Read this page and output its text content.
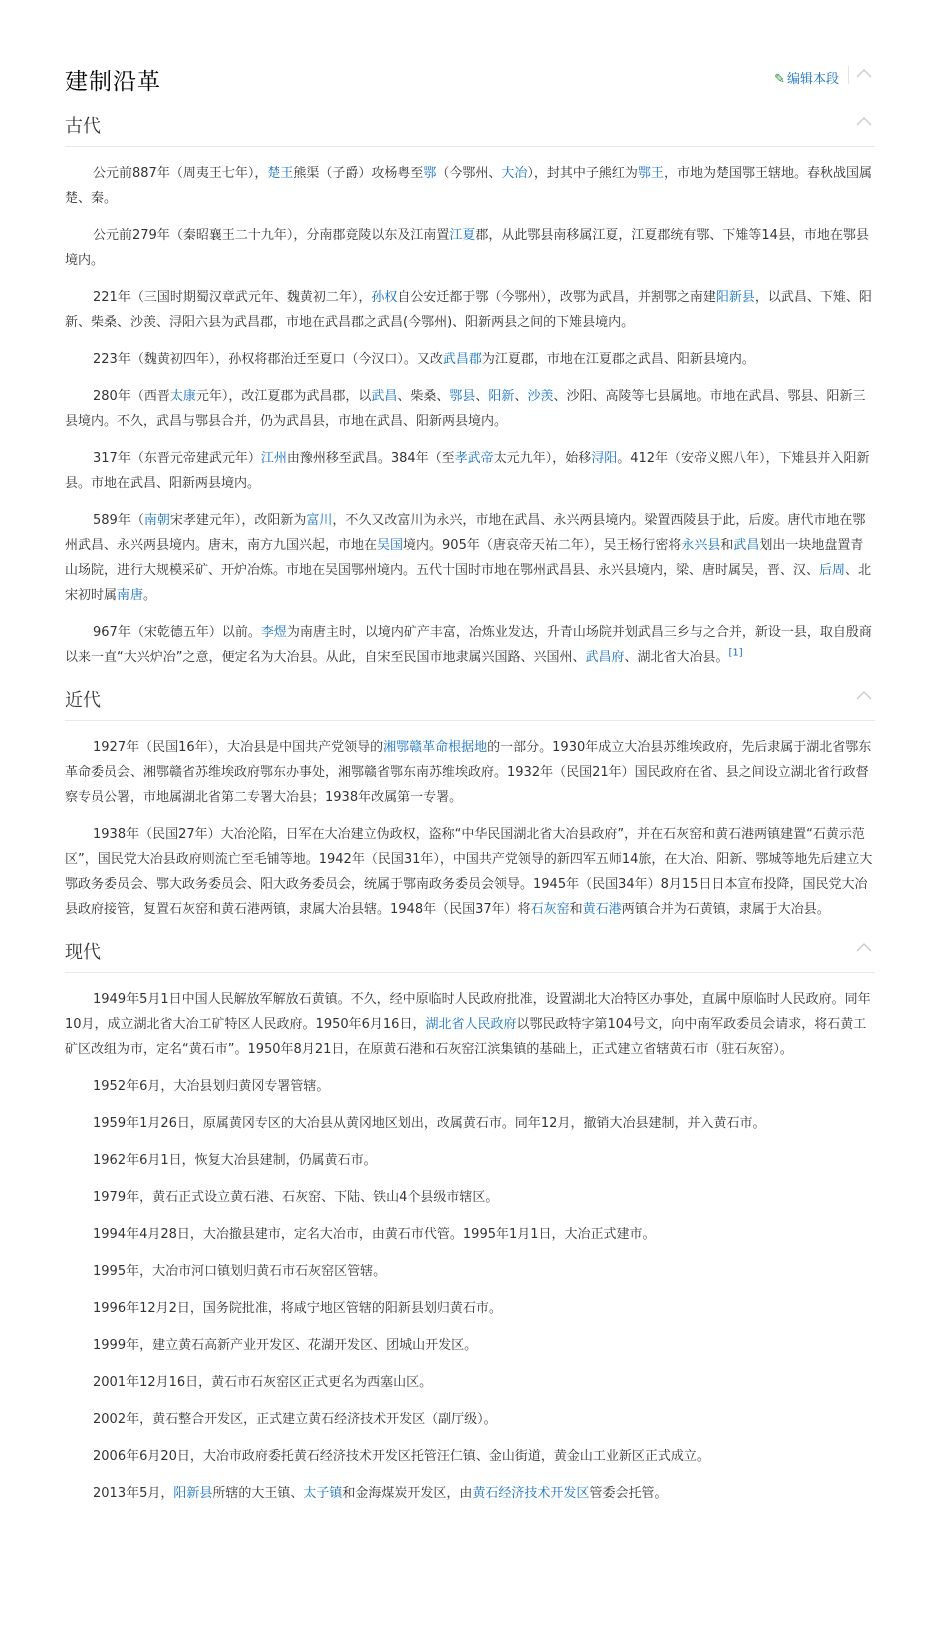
建制沿革	✎ 编辑本段
古代

公元前887年（周夷王七年），楚王熊渠（子爵）攻杨粤至鄂（今鄂州、大冶），封其中子熊红为鄂王，市地为楚国鄂王辖地。春秋战国属楚、秦。

公元前279年（秦昭襄王二十九年），分南郡竟陵以东及江南置江夏郡，从此鄂县南移属江夏，江夏郡统有鄂、下雉等14县，市地在鄂县境内。

221年（三国时期蜀汉章武元年、魏黄初二年），孙权自公安迁都于鄂（今鄂州），改鄂为武昌，并割鄂之南建阳新县，以武昌、下雉、阳新、柴桑、沙羡、浔阳六县为武昌郡，市地在武昌郡之武昌(今鄂州)、阳新两县之间的下雉县境内。

223年（魏黄初四年），孙权将郡治迁至夏口（今汉口）。又改武昌郡为江夏郡，市地在江夏郡之武昌、阳新县境内。

280年（西晋太康元年），改江夏郡为武昌郡，以武昌、柴桑、鄂县、阳新、沙羡、沙阳、高陵等七县属地。市地在武昌、鄂县、阳新三县境内。不久，武昌与鄂县合并，仍为武昌县，市地在武昌、阳新两县境内。

317年（东晋元帝建武元年）江州由豫州移至武昌。384年（至孝武帝太元九年），始移浔阳。412年（安帝义熙八年），下雉县并入阳新县。市地在武昌、阳新两县境内。

589年（南朝宋孝建元年），改阳新为富川，不久又改富川为永兴，市地在武昌、永兴两县境内。梁置西陵县于此，后废。唐代市地在鄂州武昌、永兴两县境内。唐末，南方九国兴起，市地在吴国境内。905年（唐哀帝天祐二年），吴王杨行密将永兴县和武昌划出一块地盘置青山场院，进行大规模采矿、开炉冶炼。市地在吴国鄂州境内。五代十国时市地在鄂州武昌县、永兴县境内，梁、唐时属吴，晋、汉、后周、北宋初时属南唐。

967年（宋乾德五年）以前。李煜为南唐主时，以境内矿产丰富，冶炼业发达，升青山场院并划武昌三乡与之合并，新设一县，取自殷商以来一直“大兴炉冶”之意，便定名为大冶县。从此，自宋至民国市地隶属兴国路、兴国州、武昌府、湖北省大冶县。[1]

近代

1927年（民国16年），大冶县是中国共产党领导的湘鄂赣革命根据地的一部分。1930年成立大冶县苏维埃政府，先后隶属于湖北省鄂东革命委员会、湘鄂赣省苏维埃政府鄂东办事处，湘鄂赣省鄂东南苏维埃政府。1932年（民国21年）国民政府在省、县之间设立湖北省行政督察专员公署，市地属湖北省第二专署大冶县；1938年改属第一专署。

1938年（民国27年）大冶沦陷，日军在大冶建立伪政权，盗称“中华民国湖北省大冶县政府”，并在石灰窑和黄石港两镇建置“石黄示范区”，国民党大冶县政府则流亡至毛铺等地。1942年（民国31年），中国共产党领导的新四军五师14旅，在大冶、阳新、鄂城等地先后建立大鄂政务委员会、鄂大政务委员会、阳大政务委员会，统属于鄂南政务委员会领导。1945年（民国34年）8月15日日本宣布投降，国民党大冶县政府接管，复置石灰窑和黄石港两镇，隶属大冶县辖。1948年（民国37年）将石灰窑和黄石港两镇合并为石黄镇，隶属于大冶县。

现代

1949年5月1日中国人民解放军解放石黄镇。不久，经中原临时人民政府批准，设置湖北大冶特区办事处，直属中原临时人民政府。同年10月，成立湖北省大冶工矿特区人民政府。1950年6月16日，湖北省人民政府以鄂民政特字第104号文，向中南军政委员会请求，将石黄工矿区改组为市，定名“黄石市”。1950年8月21日，在原黄石港和石灰窑江滨集镇的基础上，正式建立省辖黄石市（驻石灰窑）。

1952年6月，大冶县划归黄冈专署管辖。

1959年1月26日，原属黄冈专区的大冶县从黄冈地区划出，改属黄石市。同年12月，撤销大冶县建制，并入黄石市。

1962年6月1日，恢复大冶县建制，仍属黄石市。

1979年，黄石正式设立黄石港、石灰窑、下陆、铁山4个县级市辖区。

1994年4月28日，大冶撤县建市，定名大冶市，由黄石市代管。1995年1月1日，大冶正式建市。

1995年，大冶市河口镇划归黄石市石灰窑区管辖。

1996年12月2日，国务院批准，将咸宁地区管辖的阳新县划归黄石市。

1999年，建立黄石高新产业开发区、花湖开发区、团城山开发区。

2001年12月16日，黄石市石灰窑区正式更名为西塞山区。

2002年，黄石整合开发区，正式建立黄石经济技术开发区（副厅级）。

2006年6月20日，大冶市政府委托黄石经济技术开发区托管汪仁镇、金山街道，黄金山工业新区正式成立。

2013年5月，阳新县所辖的大王镇、太子镇和金海煤炭开发区，由黄石经济技术开发区管委会托管。
